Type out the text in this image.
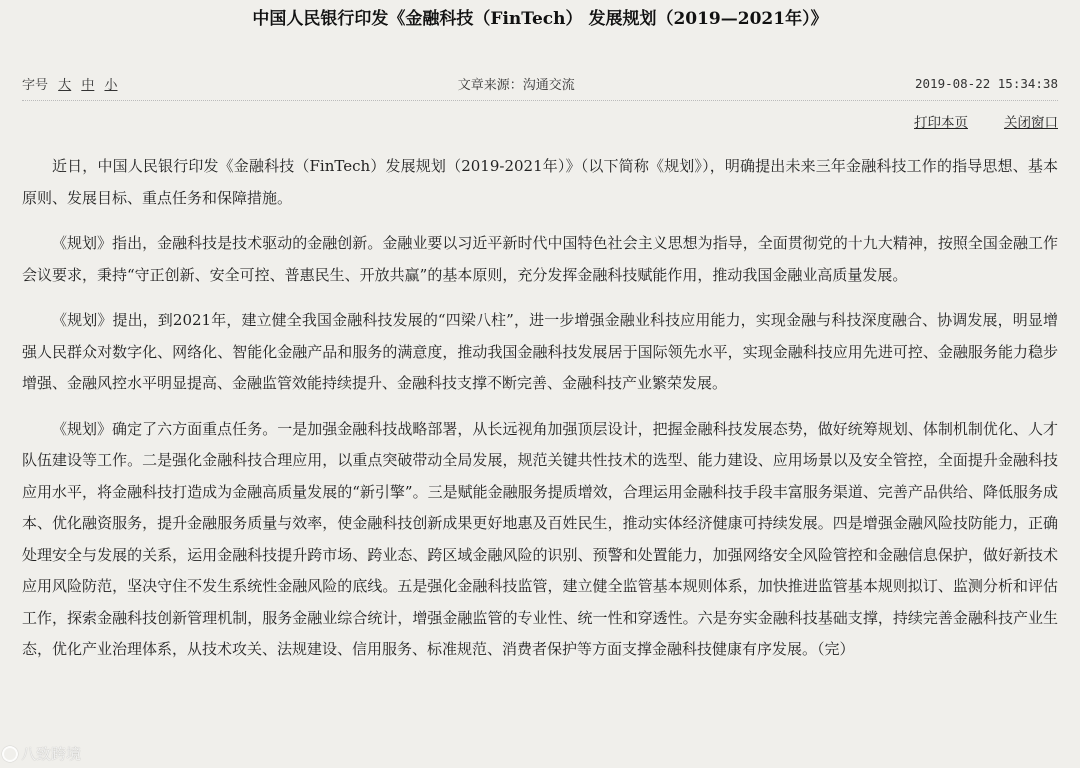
中国人民银行印发《金融科技（FinTech） 发展规划（2019—2021年）》
字号 大 中 小	文章来源：沟通交流	2019-08-22 15:34:38
打印本页	关闭窗口

近日，中国人民银行印发《金融科技（FinTech）发展规划（2019-2021年）》（以下简称《规划》），明确提出未来三年金融科技工作的指导思想、基本原则、发展目标、重点任务和保障措施。

《规划》指出，金融科技是技术驱动的金融创新。金融业要以习近平新时代中国特色社会主义思想为指导，全面贯彻党的十九大精神，按照全国金融工作会议要求，秉持“守正创新、安全可控、普惠民生、开放共赢”的基本原则，充分发挥金融科技赋能作用，推动我国金融业高质量发展。

《规划》提出，到2021年，建立健全我国金融科技发展的“四梁八柱”，进一步增强金融业科技应用能力，实现金融与科技深度融合、协调发展，明显增强人民群众对数字化、网络化、智能化金融产品和服务的满意度，推动我国金融科技发展居于国际领先水平，实现金融科技应用先进可控、金融服务能力稳步增强、金融风控水平明显提高、金融监管效能持续提升、金融科技支撑不断完善、金融科技产业繁荣发展。

《规划》确定了六方面重点任务。一是加强金融科技战略部署，从长远视角加强顶层设计，把握金融科技发展态势，做好统筹规划、体制机制优化、人才队伍建设等工作。二是强化金融科技合理应用，以重点突破带动全局发展，规范关键共性技术的选型、能力建设、应用场景以及安全管控，全面提升金融科技应用水平，将金融科技打造成为金融高质量发展的“新引擎”。三是赋能金融服务提质增效，合理运用金融科技手段丰富服务渠道、完善产品供给、降低服务成本、优化融资服务，提升金融服务质量与效率，使金融科技创新成果更好地惠及百姓民生，推动实体经济健康可持续发展。四是增强金融风险技防能力，正确处理安全与发展的关系，运用金融科技提升跨市场、跨业态、跨区域金融风险的识别、预警和处置能力，加强网络安全风险管控和金融信息保护，做好新技术应用风险防范，坚决守住不发生系统性金融风险的底线。五是强化金融科技监管，建立健全监管基本规则体系，加快推进监管基本规则拟订、监测分析和评估工作，探索金融科技创新管理机制，服务金融业综合统计，增强金融监管的专业性、统一性和穿透性。六是夯实金融科技基础支撑，持续完善金融科技产业生态，优化产业治理体系，从技术攻关、法规建设、信用服务、标准规范、消费者保护等方面支撑金融科技健康有序发展。（完）

八致跨境
